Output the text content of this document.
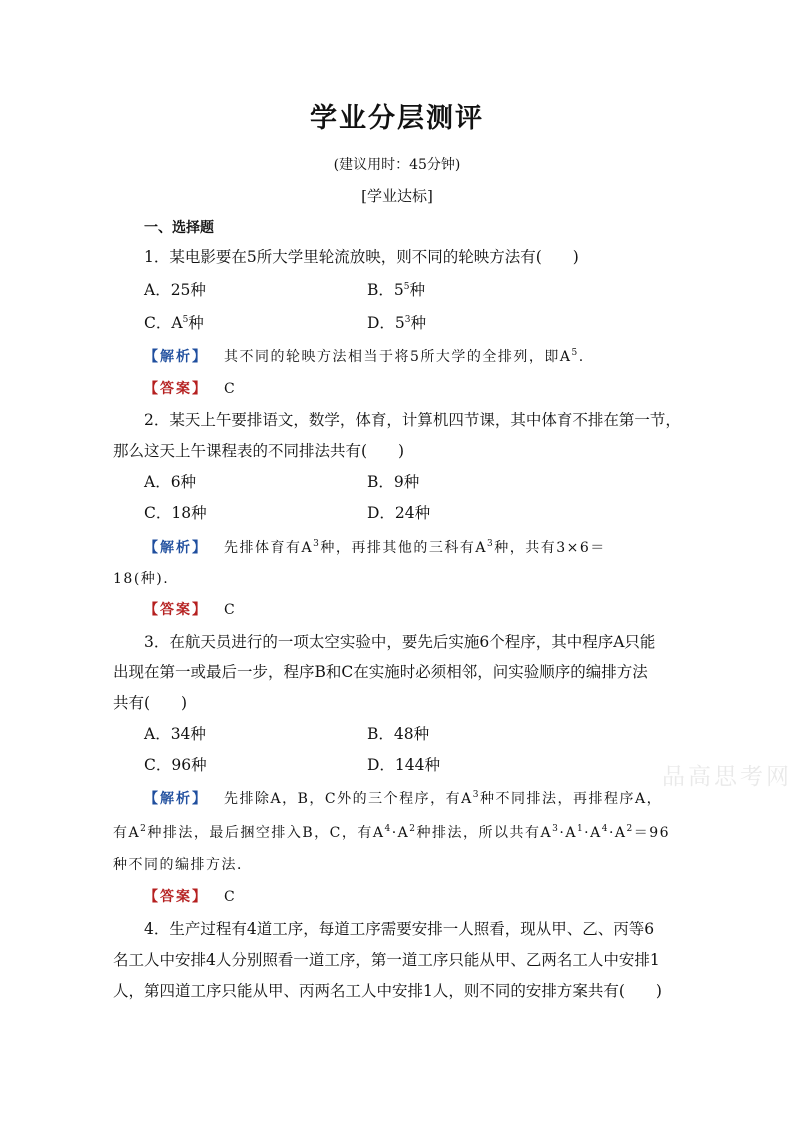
学业分层测评
(建议用时：45分钟)
[学业达标]
一、选择题
1．某电影要在5所大学里轮流放映，则不同的轮映方法有(　　)
A．25种	B．$5^5$种
C．$A^5$种	D．$5^3$种
【解析】 其不同的轮映方法相当于将5所大学的全排列，即$A^5$.
【答案】 C
2．某天上午要排语文，数学，体育，计算机四节课，其中体育不排在第一节，
那么这天上午课程表的不同排法共有(　　)
A．6种	B．9种
C．18种	D．24种
【解析】 先排体育有$A^3$种，再排其他的三科有$A^3$种，共有3×6＝
18(种).
【答案】 C
3．在航天员进行的一项太空实验中，要先后实施6个程序，其中程序A只能
出现在第一或最后一步，程序B和C在实施时必须相邻，问实验顺序的编排方法
共有(　　)
A．34种	B．48种
C．96种	D．144种
【解析】 先排除A，B，C外的三个程序，有$A^3$种不同排法，再排程序A，
有$A^2$种排法，最后捆空排入B，C，有$A^4\cdot A^2$种排法，所以共有$A^3\cdot A^1\cdot A^4\cdot A^2=96$
种不同的编排方法．
【答案】 C
4．生产过程有4道工序，每道工序需要安排一人照看，现从甲、乙、丙等6
名工人中安排4人分别照看一道工序，第一道工序只能从甲、乙两名工人中安排1
人，第四道工序只能从甲、丙两名工人中安排1人，则不同的安排方案共有(　　)
品高思考网
